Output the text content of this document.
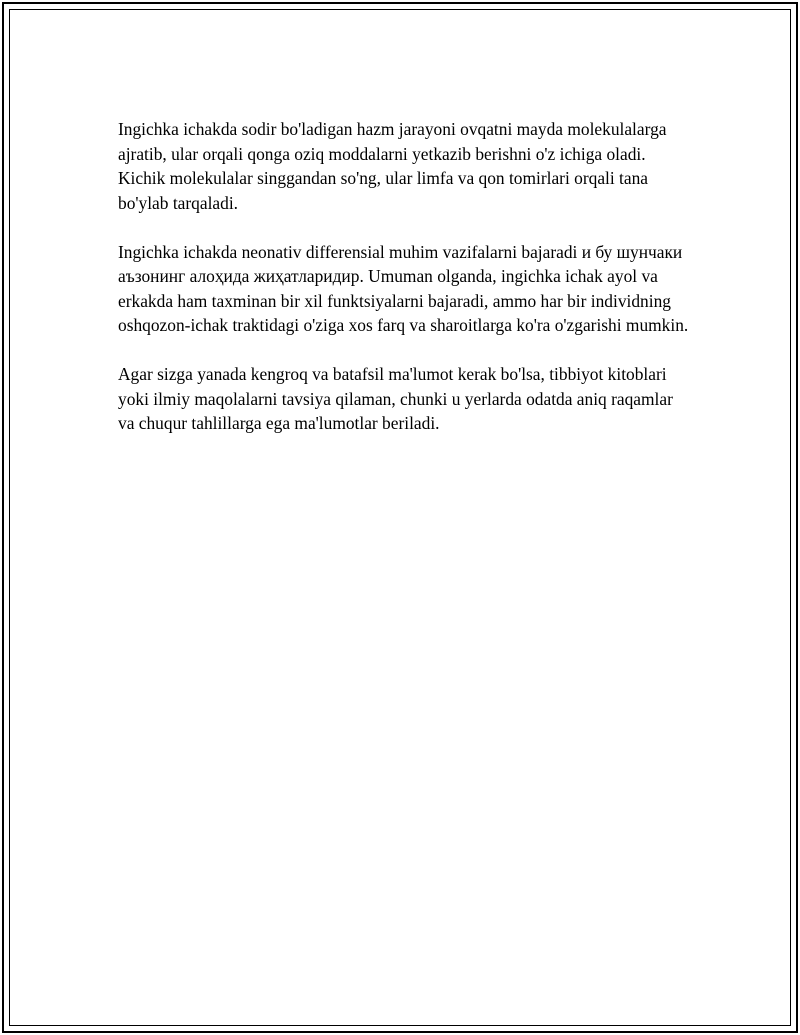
Ingichka ichakda sodir bo'ladigan hazm jarayoni ovqatni mayda molekulalarga ajratib, ular orqali qonga oziq moddalarni yetkazib berishni o'z ichiga oladi. Kichik molekulalar singgandan so'ng, ular limfa va qon tomirlari orqali tana bo'ylab tarqaladi.

Ingichka ichakda neonativ differensial muhim vazifalarni bajaradi и бу шунчаки аъзонинг алоҳида жиҳатларидир. Umuman olganda, ingichka ichak ayol va erkakda ham taxminan bir xil funktsiyalarni bajaradi, ammo har bir individning oshqozon-ichak traktidagi o'ziga xos farq va sharoitlarga ko'ra o'zgarishi mumkin.

Agar sizga yanada kengroq va batafsil ma'lumot kerak bo'lsa, tibbiyot kitoblari yoki ilmiy maqolalarni tavsiya qilaman, chunki u yerlarda odatda aniq raqamlar va chuqur tahlillarga ega ma'lumotlar beriladi.
